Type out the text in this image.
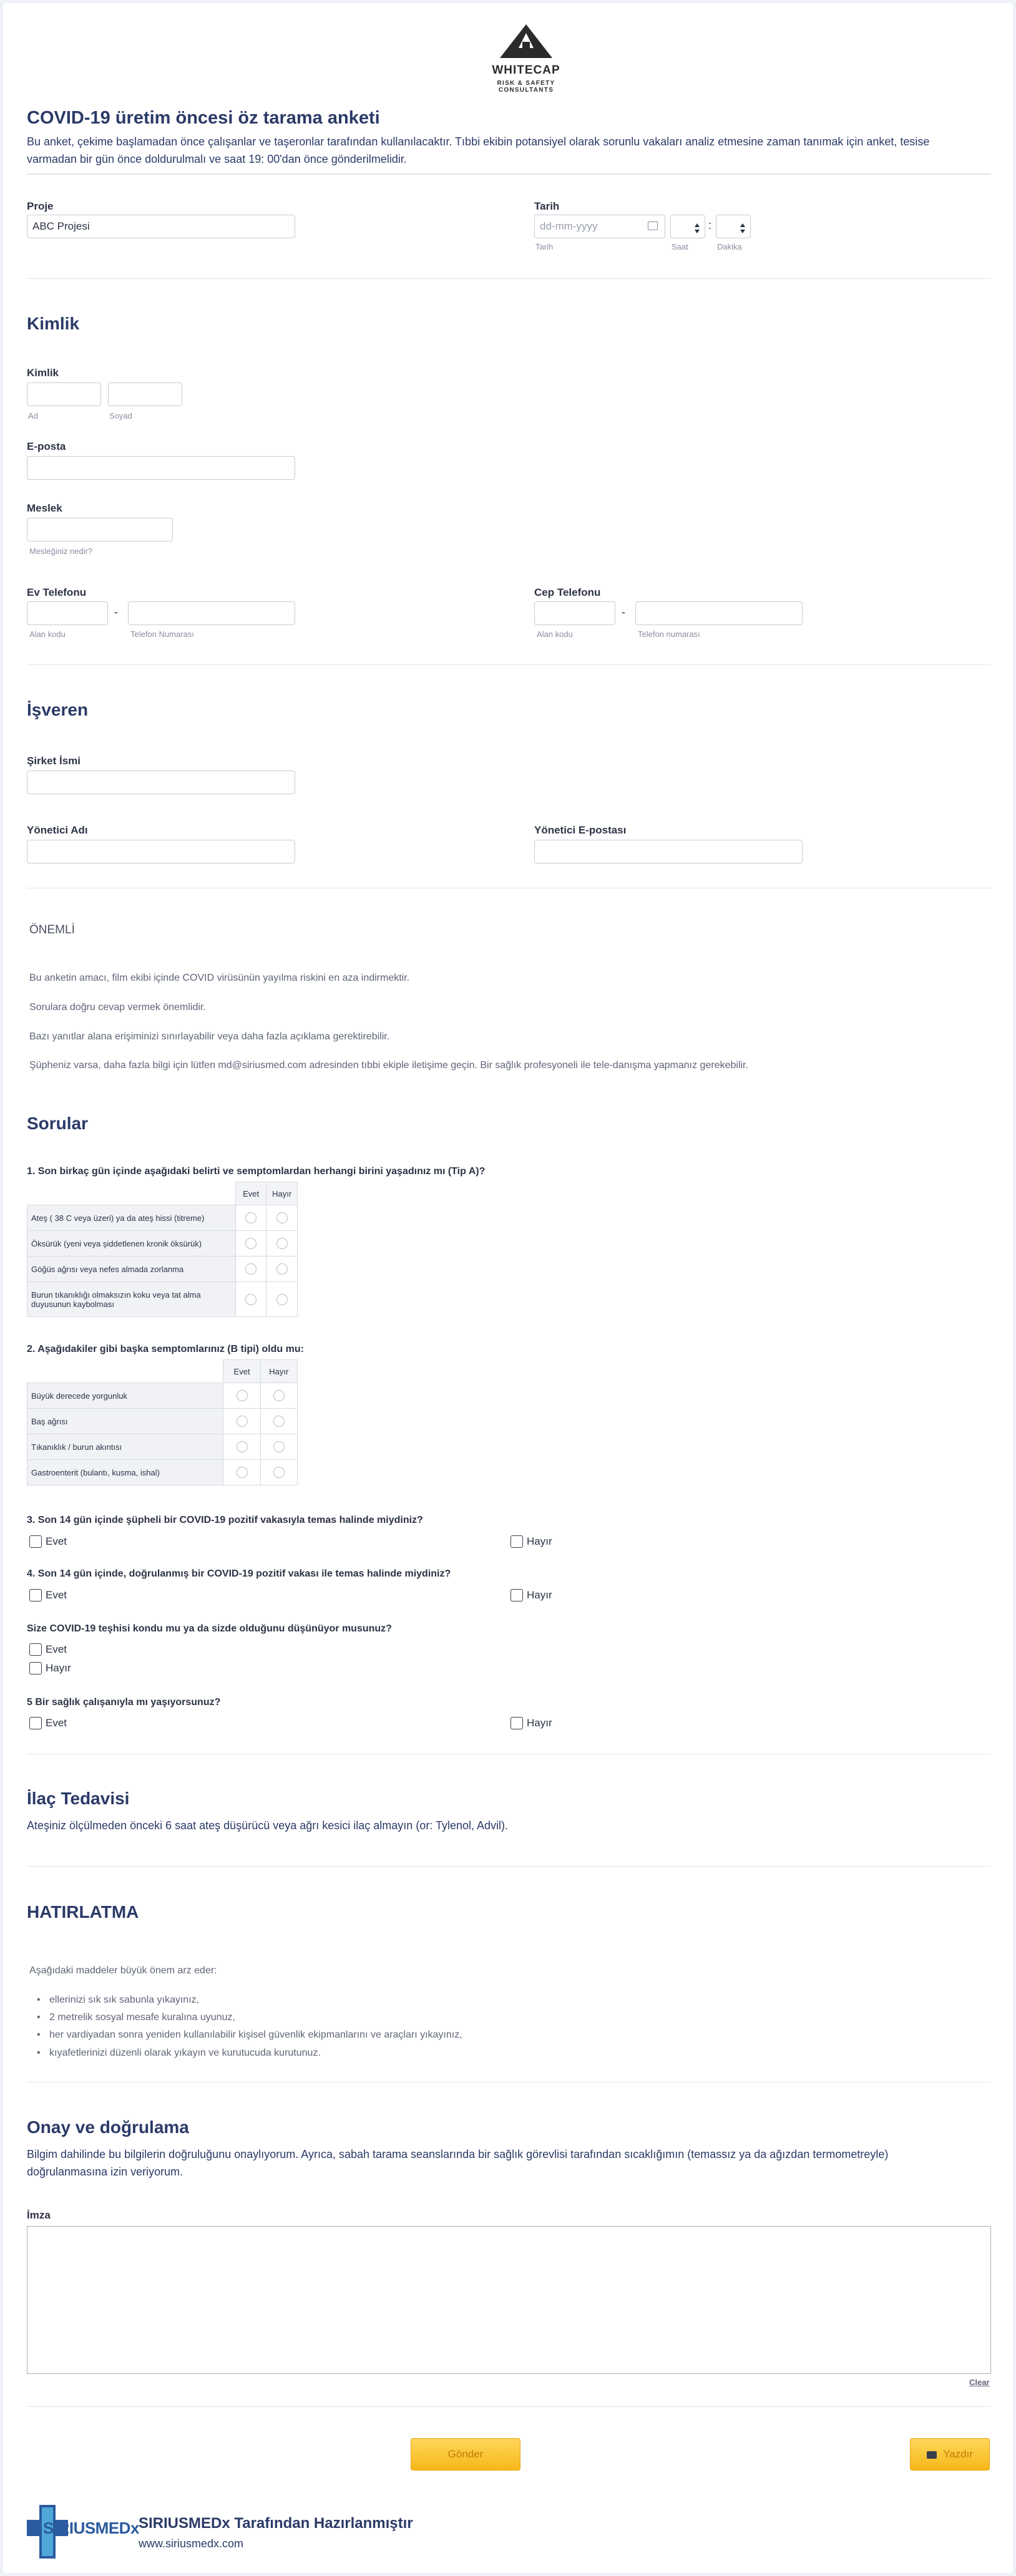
WHITECAP
RISK & SAFETY CONSULTANTS
COVID-19 üretim öncesi öz tarama anketi
Bu anket, çekime başlamadan önce çalışanlar ve taşeronlar tarafından kullanılacaktır. Tıbbi ekibin potansiyel olarak sorunlu vakaları analiz etmesine zaman tanımak için anket, tesise varmadan bir gün önce doldurulmalı ve saat 19: 00'dan önce gönderilmelidir.
Proje
ABC Projesi
Tarih
dd-mm-yyyy	:
Tarih	Saat	Dakika
Kimlik
Kimlik
Ad	Soyad
E-posta
Meslek
Mesleğiniz nedir?
Ev Telefonu
-
Alan kodu	Telefon Numarası
Cep Telefonu
-
Alan kodu	Telefon numarası
İşveren
Şirket İsmi
Yönetici Adı	Yönetici E-postası
ÖNEMLİ
Bu anketin amacı, film ekibi içinde COVID virüsünün yayılma riskini en aza indirmektir.
Sorulara doğru cevap vermek önemlidir.
Bazı yanıtlar alana erişiminizi sınırlayabilir veya daha fazla açıklama gerektirebilir.
Şüpheniz varsa, daha fazla bilgi için lütfen md@siriusmed.com adresinden tıbbi ekiple iletişime geçin. Bir sağlık profesyoneli ile tele-danışma yapmanız gerekebilir.
Sorular
1. Son birkaç gün içinde aşağıdaki belirti ve semptomlardan herhangi birini yaşadınız mı (Tip A)?
	Evet	Hayır
Ateş ( 38 C veya üzeri) ya da ateş hissi (titreme)		
Öksürük (yeni veya şiddetlenen kronik öksürük)		
Göğüs ağrısı veya nefes almada zorlanma		
Burun tıkanıklığı olmaksızın koku veya tat alma duyusunun kaybolması		
2. Aşağıdakiler gibi başka semptomlarınız (B tipi) oldu mu:
	Evet	Hayır
Büyük derecede yorgunluk		
Baş ağrısı		
Tıkanıklık / burun akıntısı		
Gastroenterit (bulantı, kusma, ishal)		
3. Son 14 gün içinde şüpheli bir COVID-19 pozitif vakasıyla temas halinde miydiniz?
Evet	Hayır
4. Son 14 gün içinde, doğrulanmış bir COVID-19 pozitif vakası ile temas halinde miydiniz?
Evet	Hayır
Size COVID-19 teşhisi kondu mu ya da sizde olduğunu düşünüyor musunuz?
Evet
Hayır
5 Bir sağlık çalışanıyla mı yaşıyorsunuz?
Evet	Hayır
İlaç Tedavisi
Ateşiniz ölçülmeden önceki 6 saat ateş düşürücü veya ağrı kesici ilaç almayın (or: Tylenol, Advil).
HATIRLATMA
Aşağıdaki maddeler büyük önem arz eder:
• ellerinizi sık sık sabunla yıkayınız,
• 2 metrelik sosyal mesafe kuralına uyunuz,
• her vardiyadan sonra yeniden kullanılabilir kişisel güvenlik ekipmanlarını ve araçları yıkayınız,
• kıyafetlerinizi düzenli olarak yıkayın ve kurutucuda kurutunuz.
Onay ve doğrulama
Bilgim dahilinde bu bilgilerin doğruluğunu onaylıyorum. Ayrıca, sabah tarama seanslarında bir sağlık görevlisi tarafından sıcaklığımın (temassız ya da ağızdan termometreyle) doğrulanmasına izin veriyorum.
İmza
Clear
Gönder	Yazdır
SIRIUSMEDx SIRIUSMEDx Tarafından Hazırlanmıştır
www.siriusmedx.com
